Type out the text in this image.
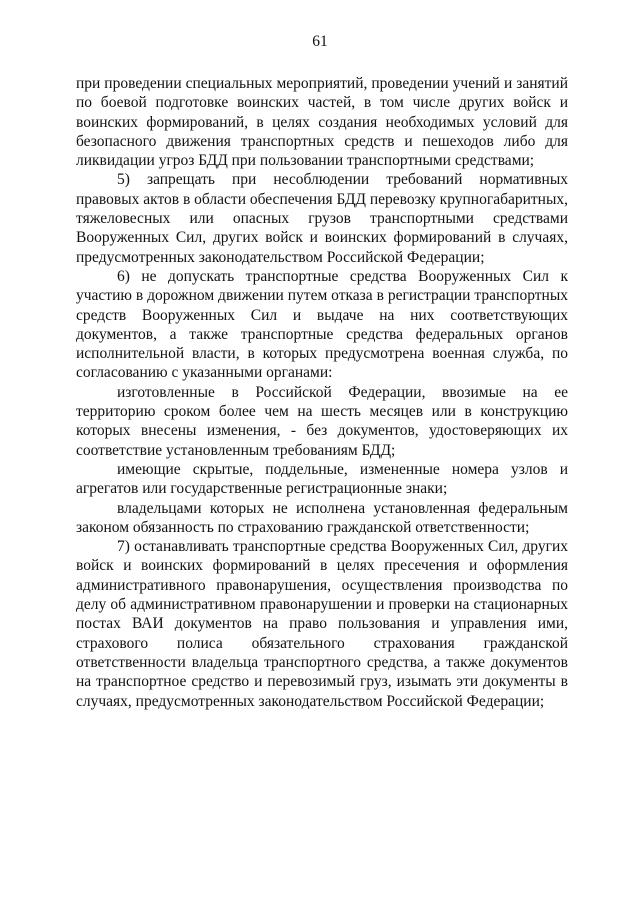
61

при проведении специальных мероприятий, проведении учений и занятий по боевой подготовке воинских частей, в том числе других войск и воинских формирований, в целях создания необходимых условий для безопасного движения транспортных средств и пешеходов либо для ликвидации угроз БДД при пользовании транспортными средствами;

5) запрещать при несоблюдении требований нормативных правовых актов в области обеспечения БДД перевозку крупногабаритных, тяжеловесных или опасных грузов транспортными средствами Вооруженных Сил, других войск и воинских формирований в случаях, предусмотренных законодательством Российской Федерации;

6) не допускать транспортные средства Вооруженных Сил к участию в дорожном движении путем отказа в регистрации транспортных средств Вооруженных Сил и выдаче на них соответствующих документов, а также транспортные средства федеральных органов исполнительной власти, в которых предусмотрена военная служба, по согласованию с указанными органами:

изготовленные в Российской Федерации, ввозимые на ее территорию сроком более чем на шесть месяцев или в конструкцию которых внесены изменения, - без документов, удостоверяющих их соответствие установленным требованиям БДД;

имеющие скрытые, поддельные, измененные номера узлов и агрегатов или государственные регистрационные знаки;

владельцами которых не исполнена установленная федеральным законом обязанность по страхованию гражданской ответственности;

7) останавливать транспортные средства Вооруженных Сил, других войск и воинских формирований в целях пресечения и оформления административного правонарушения, осуществления производства по делу об административном правонарушении и проверки на стационарных постах ВАИ документов на право пользования и управления ими, страхового полиса обязательного страхования гражданской ответственности владельца транспортного средства, а также документов на транспортное средство и перевозимый груз, изымать эти документы в случаях, предусмотренных законодательством Российской Федерации;
